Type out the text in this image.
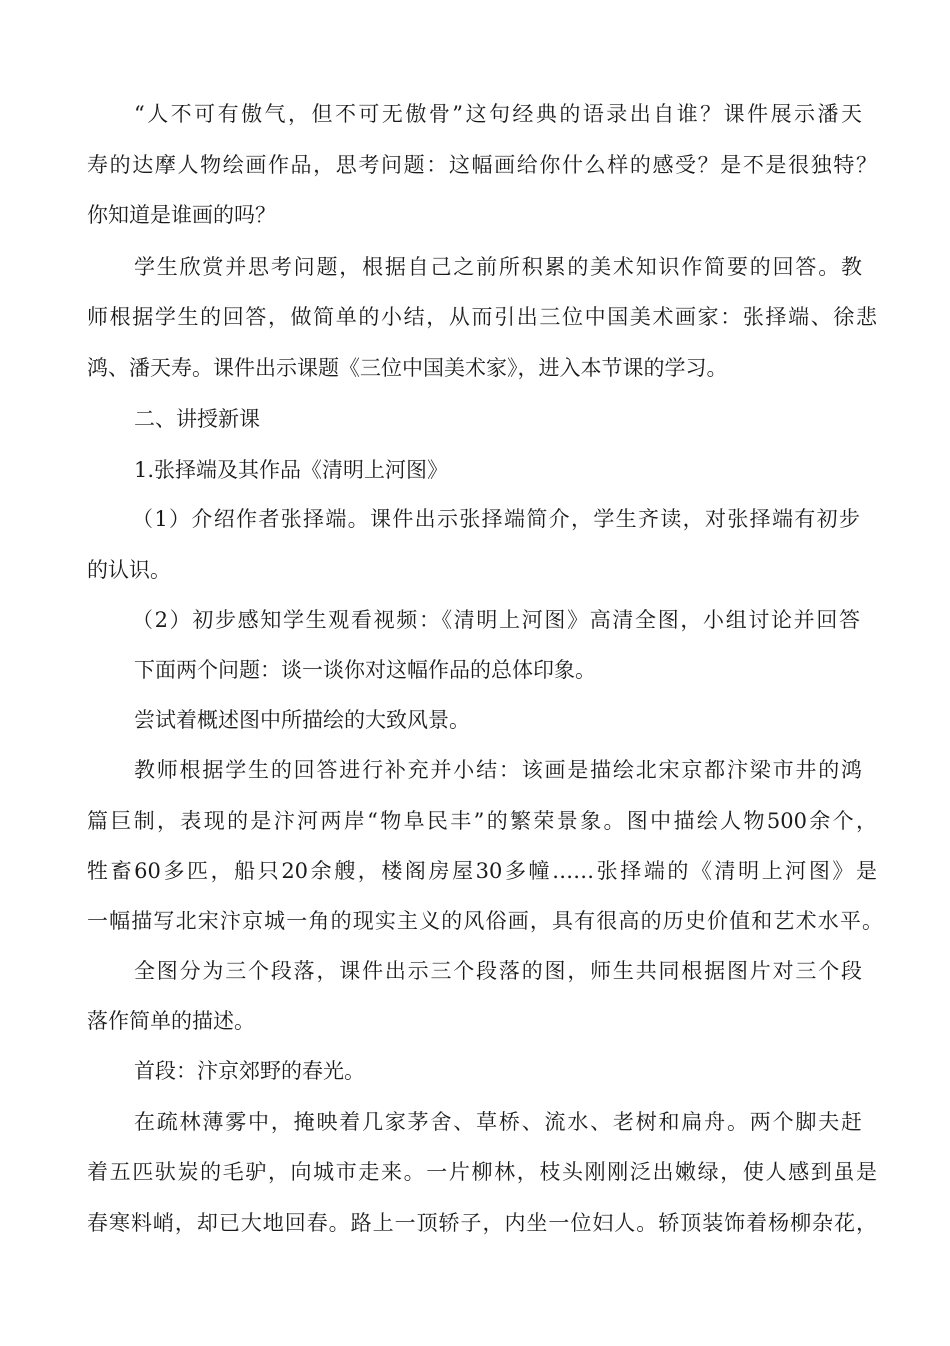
“人不可有傲气，但不可无傲骨”这句经典的语录出自谁？课件展示潘天
寿的达摩人物绘画作品，思考问题：这幅画给你什么样的感受？是不是很独特？
你知道是谁画的吗？
学生欣赏并思考问题，根据自己之前所积累的美术知识作简要的回答。教
师根据学生的回答，做简单的小结，从而引出三位中国美术画家：张择端、徐悲
鸿、潘天寿。课件出示课题《三位中国美术家》，进入本节课的学习。
二、讲授新课
1.张择端及其作品《清明上河图》
（1）介绍作者张择端。课件出示张择端简介，学生齐读，对张择端有初步
的认识。
（2）初步感知学生观看视频：《清明上河图》高清全图，小组讨论并回答
下面两个问题：谈一谈你对这幅作品的总体印象。
尝试着概述图中所描绘的大致风景。
教师根据学生的回答进行补充并小结：该画是描绘北宋京都汴梁市井的鸿
篇巨制，表现的是汴河两岸“物阜民丰”的繁荣景象。图中描绘人物500余个，
牲畜60多匹，船只20余艘，楼阁房屋30多幢……张择端的《清明上河图》是
一幅描写北宋汴京城一角的现实主义的风俗画，具有很高的历史价值和艺术水平。
全图分为三个段落，课件出示三个段落的图，师生共同根据图片对三个段
落作简单的描述。
首段：汴京郊野的春光。
在疏林薄雾中，掩映着几家茅舍、草桥、流水、老树和扁舟。两个脚夫赶
着五匹驮炭的毛驴，向城市走来。一片柳林，枝头刚刚泛出嫩绿，使人感到虽是
春寒料峭，却已大地回春。路上一顶轿子，内坐一位妇人。轿顶装饰着杨柳杂花，
